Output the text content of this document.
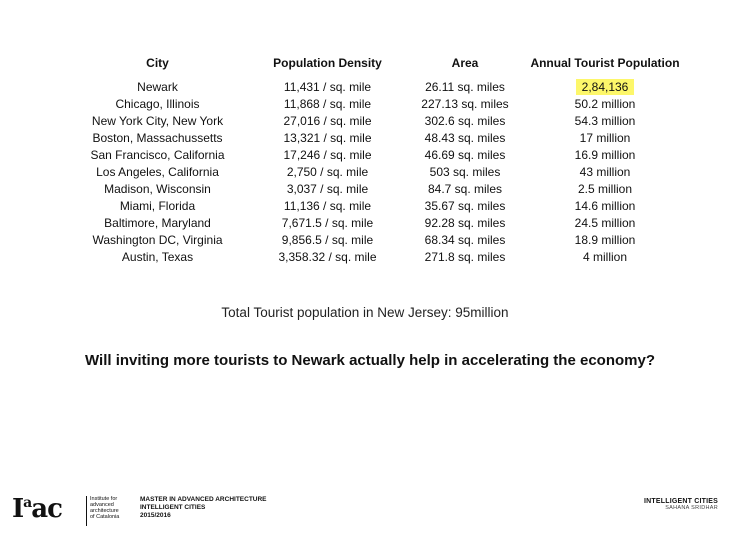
City	Population Density	Area	Annual Tourist Population
Newark	11,431 / sq. mile	26.11 sq. miles	2,84,136
Chicago, Illinois	11,868 / sq. mile	227.13 sq. miles	50.2 million
New York City, New York	27,016 / sq. mile	302.6 sq. miles	54.3 million
Boston, Massachussetts	13,321 / sq. mile	48.43 sq. miles	17 million
San Francisco, California	17,246 / sq. mile	46.69 sq. miles	16.9 million
Los Angeles, California	2,750 / sq. mile	503 sq. miles	43 million
Madison, Wisconsin	3,037 / sq. mile	84.7 sq. miles	2.5 million
Miami, Florida	11,136 / sq. mile	35.67 sq. miles	14.6 million
Baltimore, Maryland	7,671.5 / sq. mile	92.28 sq. miles	24.5 million
Washington DC, Virginia	9,856.5 / sq. mile	68.34 sq. miles	18.9 million
Austin, Texas	3,358.32 / sq. mile	271.8 sq. miles	4 million
Total Tourist population in New Jersey: 95million
Will inviting more tourists to Newark actually help in accelerating the economy?
$I^aac$	Institute for
advanced
architecture
of Catalonia
MASTER IN ADVANCED ARCHITECTURE
INTELLIGENT CITIES
2015/2016
INTELLIGENT CITIES
SAHANA SRIDHAR
